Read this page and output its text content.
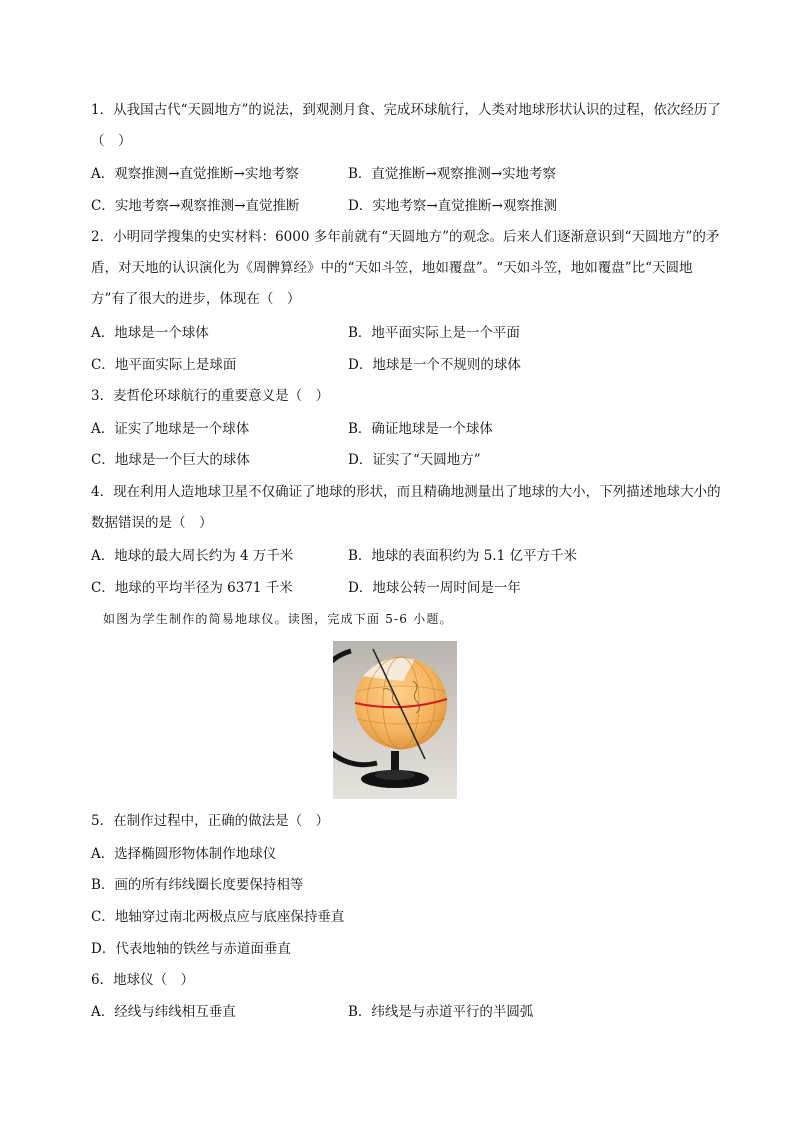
1．从我国古代“天圆地方”的说法，到观测月食、完成环球航行，人类对地球形状认识的过程，依次经历了（　）
A．观察推测→直觉推断→实地考察	B．直觉推断→观察推测→实地考察
C．实地考察→观察推测→直觉推断	D．实地考察→直觉推断→观察推测
2．小明同学搜集的史实材料：6000 多年前就有“天圆地方”的观念。后来人们逐渐意识到“天圆地方”的矛盾，对天地的认识演化为《周髀算经》中的“天如斗笠，地如覆盘”。“天如斗笠，地如覆盘”比“天圆地方”有了很大的进步，体现在（　）
A．地球是一个球体	B．地平面实际上是一个平面
C．地平面实际上是球面	D．地球是一个不规则的球体
3．麦哲伦环球航行的重要意义是（　）
A．证实了地球是一个球体	B．确证地球是一个球体
C．地球是一个巨大的球体	D．证实了“天圆地方”
4．现在利用人造地球卫星不仅确证了地球的形状，而且精确地测量出了地球的大小，下列描述地球大小的数据错误的是（　）
A．地球的最大周长约为 4 万千米	B．地球的表面积约为 5.1 亿平方千米
C．地球的平均半径为 6371 千米	D．地球公转一周时间是一年
如图为学生制作的简易地球仪。读图，完成下面 5-6 小题。
5．在制作过程中，正确的做法是（　）
A．选择椭圆形物体制作地球仪
B．画的所有纬线圈长度要保持相等
C．地轴穿过南北两极点应与底座保持垂直
D．代表地轴的铁丝与赤道面垂直
6．地球仪（　）
A．经线与纬线相互垂直	B．纬线是与赤道平行的半圆弧
